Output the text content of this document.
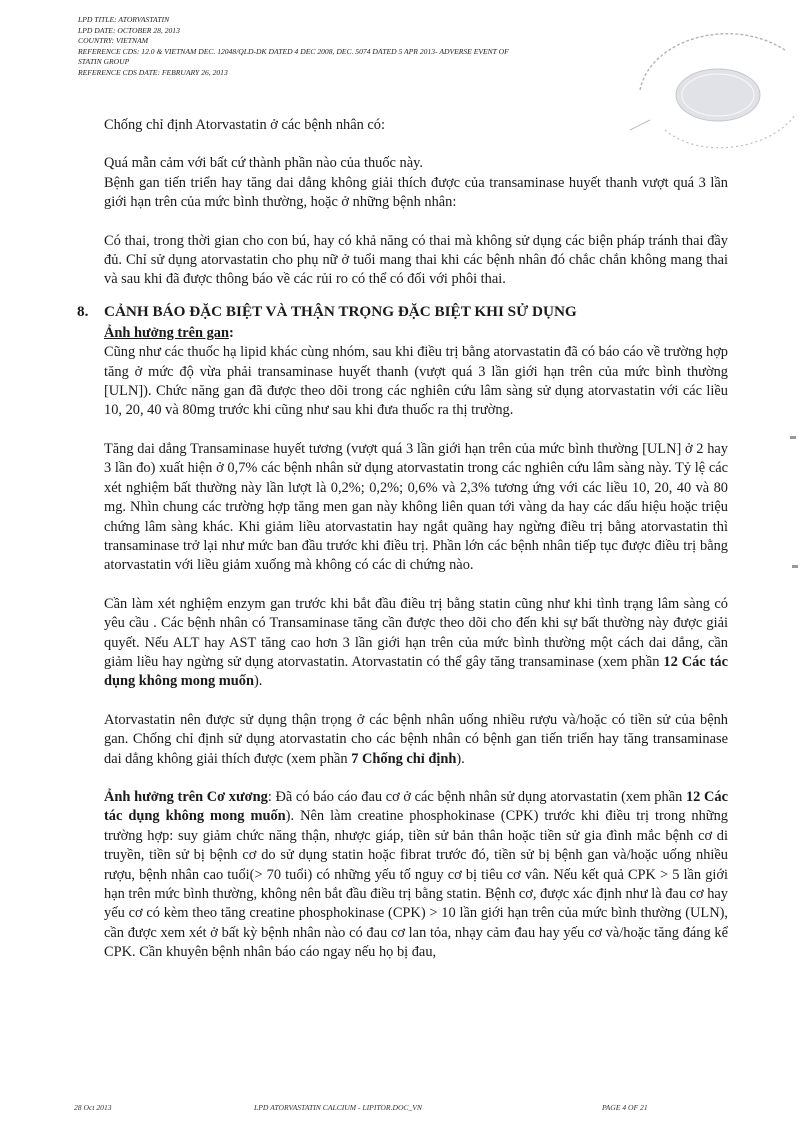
LPD TITLE: ATORVASTATIN
LPD DATE: OCTOBER 28, 2013
COUNTRY: VIETNAM
REFERENCE CDS: 12.0 & VIETNAM DEC. 12048/QLD-DK DATED 4 DEC 2008, DEC. 5074 DATED 5 APR 2013- ADVERSE EVENT OF
STATIN GROUP
REFERENCE CDS DATE: FEBRUARY 26, 2013

Chống chỉ định Atorvastatin ở các bệnh nhân có:

Quá mẫn cảm với bất cứ thành phần nào của thuốc này.

Bệnh gan tiến triển hay tăng dai dẳng không giải thích được của transaminase huyết thanh vượt quá 3 lần giới hạn trên của mức bình thường, hoặc ở những bệnh nhân:

Có thai, trong thời gian cho con bú, hay có khả năng có thai mà không sử dụng các biện pháp tránh thai đầy đủ. Chỉ sử dụng atorvastatin cho phụ nữ ở tuổi mang thai khi các bệnh nhân đó chắc chắn không mang thai và sau khi đã được thông báo về các rủi ro có thể có đối với phôi thai.

8. CẢNH BÁO ĐẶC BIỆT VÀ THẬN TRỌNG ĐẶC BIỆT KHI SỬ DỤNG

Ảnh hưởng trên gan:

Cũng như các thuốc hạ lipid khác cùng nhóm, sau khi điều trị bằng atorvastatin đã có báo cáo về trường hợp tăng ở mức độ vừa phải transaminase huyết thanh (vượt quá 3 lần giới hạn trên của mức bình thường [ULN]). Chức năng gan đã được theo dõi trong các nghiên cứu lâm sàng sử dụng atorvastatin với các liều 10, 20, 40 và 80mg trước khi cũng như sau khi đưa thuốc ra thị trường.

Tăng dai dẳng Transaminase huyết tương (vượt quá 3 lần giới hạn trên của mức bình thường [ULN] ở 2 hay 3 lần đo) xuất hiện ở 0,7% các bệnh nhân sử dụng atorvastatin trong các nghiên cứu lâm sàng này. Tỷ lệ các xét nghiệm bất thường này lần lượt là 0,2%; 0,2%; 0,6% và 2,3% tương ứng với các liều 10, 20, 40 và 80 mg. Nhìn chung các trường hợp tăng men gan này không liên quan tới vàng da hay các dấu hiệu hoặc triệu chứng lâm sàng khác. Khi giảm liều atorvastatin hay ngắt quãng hay ngừng điều trị bằng atorvastatin thì transaminase trở lại như mức ban đầu trước khi điều trị. Phần lớn các bệnh nhân tiếp tục được điều trị bằng atorvastatin với liều giảm xuống mà không có các di chứng nào.

Cần làm xét nghiệm enzym gan trước khi bắt đầu điều trị bằng statin cũng như khi tình trạng lâm sàng có yêu cầu . Các bệnh nhân có Transaminase tăng cần được theo dõi cho đến khi sự bất thường này được giải quyết. Nếu ALT hay AST tăng cao hơn 3 lần giới hạn trên của mức bình thường một cách dai dẳng, cần giảm liều hay ngừng sử dụng atorvastatin. Atorvastatin có thể gây tăng transaminase (xem phần 12 Các tác dụng không mong muốn).

Atorvastatin nên được sử dụng thận trọng ở các bệnh nhân uống nhiều rượu và/hoặc có tiền sử của bệnh gan. Chống chỉ định sử dụng atorvastatin cho các bệnh nhân có bệnh gan tiến triển hay tăng transaminase dai dẳng không giải thích được (xem phần 7 Chống chỉ định).

Ảnh hưởng trên Cơ xương: Đã có báo cáo đau cơ ở các bệnh nhân sử dụng atorvastatin (xem phần 12 Các tác dụng không mong muốn). Nên làm creatine phosphokinase (CPK) trước khi điều trị trong những trường hợp: suy giảm chức năng thận, nhược giáp, tiền sử bản thân hoặc tiền sử gia đình mắc bệnh cơ di truyền, tiền sử bị bệnh cơ do sử dụng statin hoặc fibrat trước đó, tiền sử bị bệnh gan và/hoặc uống nhiều rượu, bệnh nhân cao tuổi(> 70 tuổi) có những yếu tố nguy cơ bị tiêu cơ vân. Nếu kết quả CPK > 5 lần giới hạn trên mức bình thường, không nên bắt đầu điều trị bằng statin. Bệnh cơ, được xác định như là đau cơ hay yếu cơ có kèm theo tăng creatine phosphokinase (CPK) > 10 lần giới hạn trên của mức bình thường (ULN), cần được xem xét ở bất kỳ bệnh nhân nào có đau cơ lan tỏa, nhạy cảm đau hay yếu cơ và/hoặc tăng đáng kể CPK. Cần khuyên bệnh nhân báo cáo ngay nếu họ bị đau,

28 Oct 2013	LPD ATORVASTATIN CALCIUM - LIPITOR.DOC_VN	PAGE 4 OF 21
